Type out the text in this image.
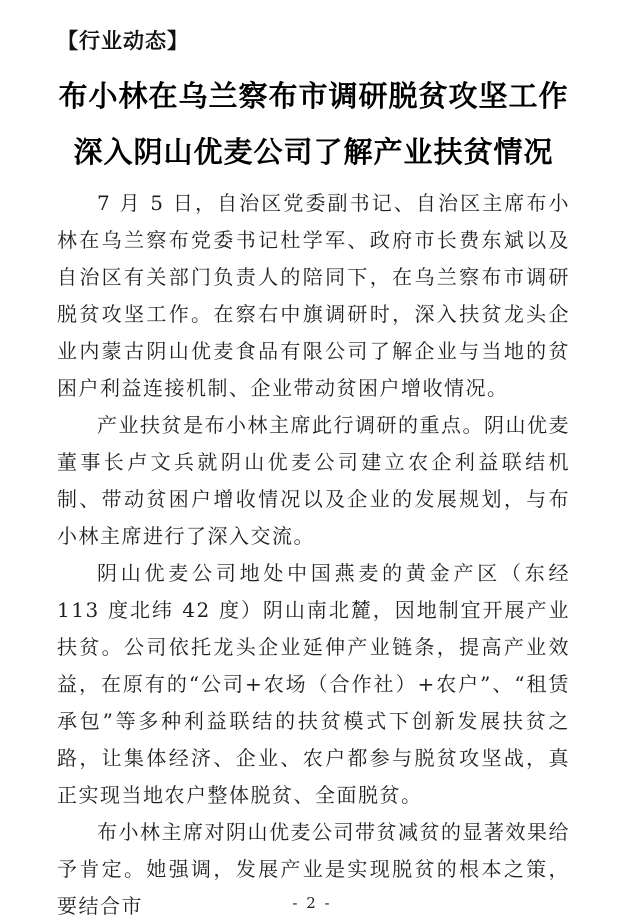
【行业动态】
布小林在乌兰察布市调研脱贫攻坚工作
深入阴山优麦公司了解产业扶贫情况

7 月 5 日，自治区党委副书记、自治区主席布小林在乌兰察布党委书记杜学军、政府市长费东斌以及自治区有关部门负责人的陪同下，在乌兰察布市调研脱贫攻坚工作。在察右中旗调研时，深入扶贫龙头企业内蒙古阴山优麦食品有限公司了解企业与当地的贫困户利益连接机制、企业带动贫困户增收情况。

产业扶贫是布小林主席此行调研的重点。阴山优麦董事长卢文兵就阴山优麦公司建立农企利益联结机制、带动贫困户增收情况以及企业的发展规划，与布小林主席进行了深入交流。

阴山优麦公司地处中国燕麦的黄金产区（东经 113 度北纬 42 度）阴山南北麓，因地制宜开展产业扶贫。公司依托龙头企业延伸产业链条，提高产业效益，在原有的“公司+农场（合作社）+农户”、“租赁承包”等多种利益联结的扶贫模式下创新发展扶贫之路，让集体经济、企业、农户都参与脱贫攻坚战，真正实现当地农户整体脱贫、全面脱贫。

布小林主席对阴山优麦公司带贫减贫的显著效果给予肯定。她强调，发展产业是实现脱贫的根本之策，要结合市	- 2 -
